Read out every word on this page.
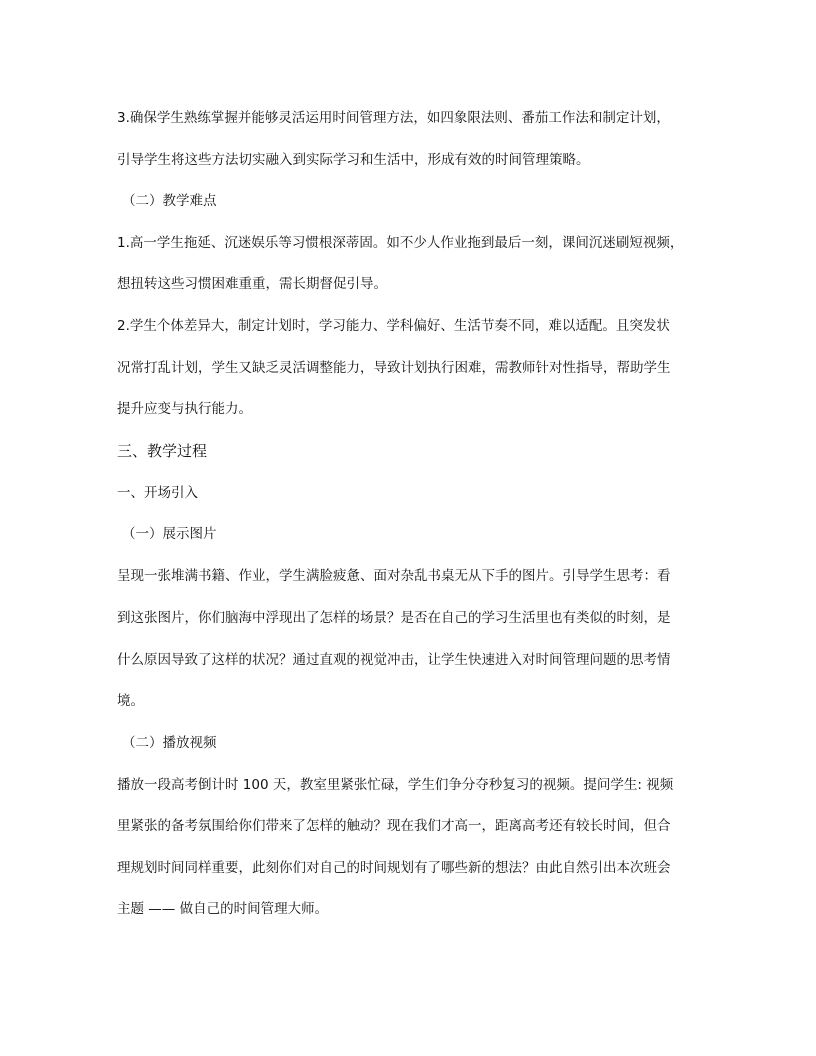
3.确保学生熟练掌握并能够灵活运用时间管理方法，如四象限法则、番茄工作法和制定计划，

引导学生将这些方法切实融入到实际学习和生活中，形成有效的时间管理策略。

（二）教学难点

1.高一学生拖延、沉迷娱乐等习惯根深蒂固。如不少人作业拖到最后一刻，课间沉迷刷短视频，

想扭转这些习惯困难重重，需长期督促引导。

2.学生个体差异大，制定计划时，学习能力、学科偏好、生活节奏不同，难以适配。且突发状

况常打乱计划，学生又缺乏灵活调整能力，导致计划执行困难，需教师针对性指导，帮助学生

提升应变与执行能力。

三、教学过程

一、开场引入

（一）展示图片

呈现一张堆满书籍、作业，学生满脸疲惫、面对杂乱书桌无从下手的图片。引导学生思考：看

到这张图片，你们脑海中浮现出了怎样的场景？是否在自己的学习生活里也有类似的时刻，是

什么原因导致了这样的状况？通过直观的视觉冲击，让学生快速进入对时间管理问题的思考情

境。

（二）播放视频

播放一段高考倒计时 100 天，教室里紧张忙碌，学生们争分夺秒复习的视频。提问学生: 视频

里紧张的备考氛围给你们带来了怎样的触动？现在我们才高一，距离高考还有较长时间，但合

理规划时间同样重要，此刻你们对自己的时间规划有了哪些新的想法？由此自然引出本次班会

主题 —— 做自己的时间管理大师。
